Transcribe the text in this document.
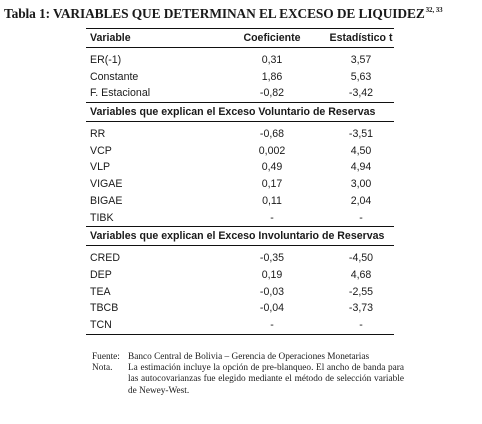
Tabla 1: VARIABLES QUE DETERMINAN EL EXCESO DE LIQUIDEZ$^{32, 33}$
Variable	Coeficiente	Estadístico t
ER(-1)	0,31	3,57
Constante	1,86	5,63
F. Estacional	-0,82	-3,42
Variables que explican el Exceso Voluntario de Reservas
RR	-0,68	-3,51
VCP	0,002	4,50
VLP	0,49	4,94
VIGAE	0,17	3,00
BIGAE	0,11	2,04
TIBK	-	-
Variables que explican el Exceso Involuntario de Reservas
CRED	-0,35	-4,50
DEP	0,19	4,68
TEA	-0,03	-2,55
TBCB	-0,04	-3,73
TCN	-	-
Fuente: Banco Central de Bolivia – Gerencia de Operaciones Monetarias
Nota. La estimación incluye la opción de pre-blanqueo. El ancho de banda para las autocovarianzas fue elegido mediante el método de selección variable de Newey-West.
